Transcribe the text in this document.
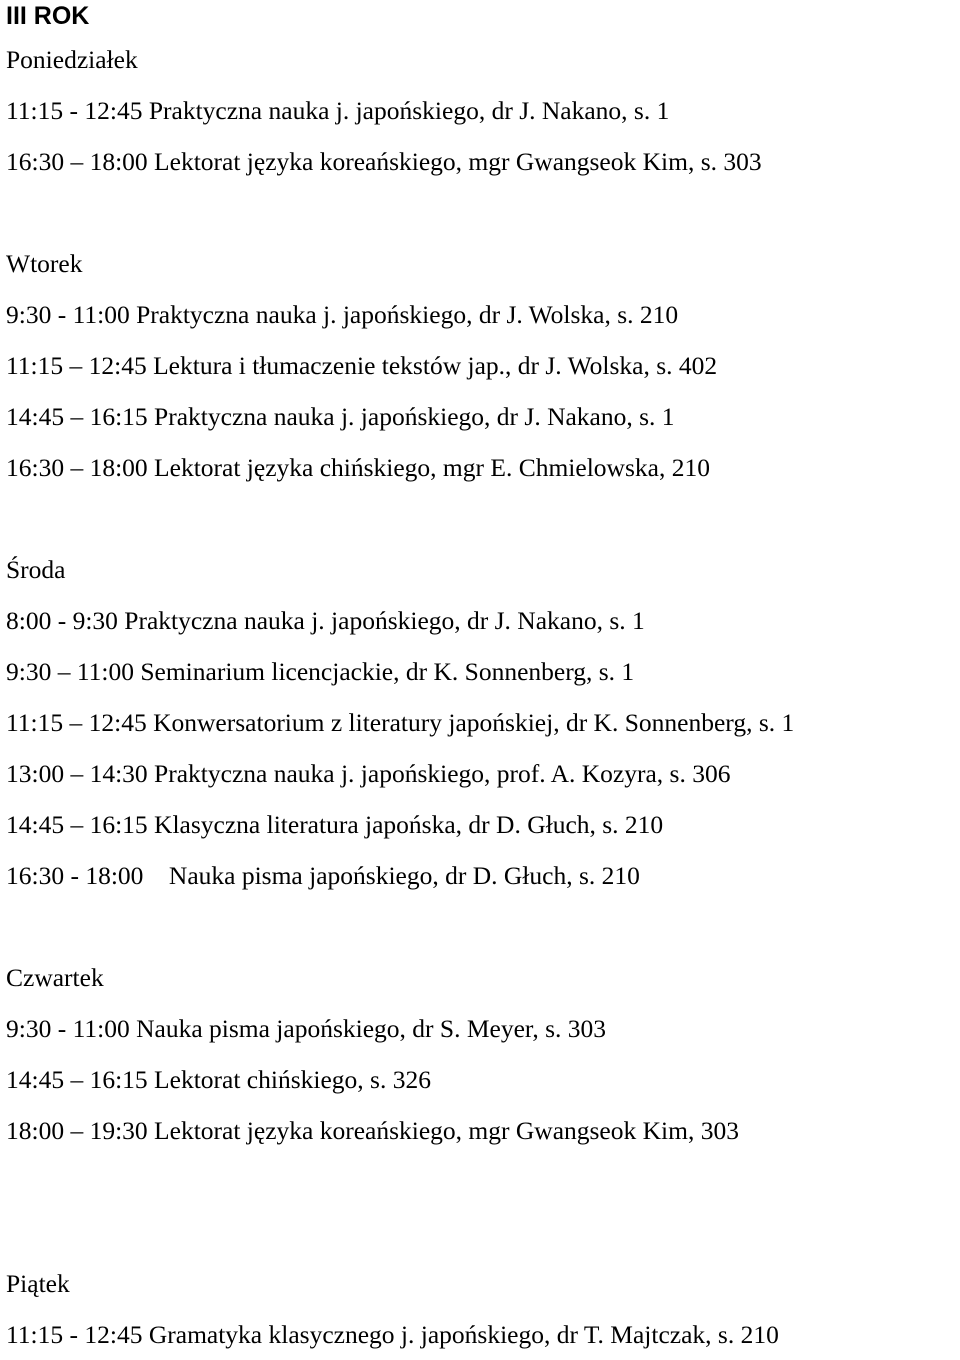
III ROK
Poniedziałek
11:15 - 12:45 Praktyczna nauka j. japońskiego, dr J. Nakano, s. 1
16:30 – 18:00 Lektorat języka koreańskiego, mgr Gwangseok Kim, s. 303
Wtorek
9:30 - 11:00 Praktyczna nauka j. japońskiego, dr J. Wolska, s. 210
11:15 – 12:45 Lektura i tłumaczenie tekstów jap., dr J. Wolska, s. 402
14:45 – 16:15 Praktyczna nauka j. japońskiego, dr J. Nakano, s. 1
16:30 – 18:00 Lektorat języka chińskiego, mgr E. Chmielowska, 210
Środa
8:00 - 9:30 Praktyczna nauka j. japońskiego, dr J. Nakano, s. 1
9:30 – 11:00 Seminarium licencjackie, dr K. Sonnenberg, s. 1
11:15 – 12:45 Konwersatorium z literatury japońskiej, dr K. Sonnenberg, s. 1
13:00 – 14:30 Praktyczna nauka j. japońskiego, prof. A. Kozyra, s. 306
14:45 – 16:15 Klasyczna literatura japońska, dr D. Głuch, s. 210
16:30 - 18:00    Nauka pisma japońskiego, dr D. Głuch, s. 210
Czwartek
9:30 - 11:00 Nauka pisma japońskiego, dr S. Meyer, s. 303
14:45 – 16:15 Lektorat chińskiego, s. 326
18:00 – 19:30 Lektorat języka koreańskiego, mgr Gwangseok Kim, 303
Piątek
11:15 - 12:45 Gramatyka klasycznego j. japońskiego, dr T. Majtczak, s. 210
